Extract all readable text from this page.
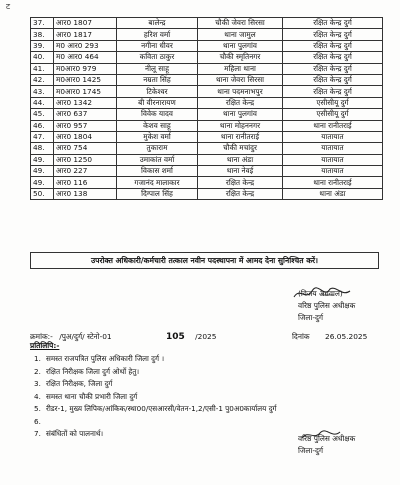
ट
37.	आर0 1807	बालेन्द्र	चौकी जेवरा सिरसा	रक्षित केन्द्र दुर्ग
38.	आर0 1817	हरिश वर्मा	थाना जामुल	रक्षित केन्द्र दुर्ग
39.	म0 आर0 293	नगीना धीवर	थाना पुलगांव	रक्षित केन्द्र दुर्ग
40.	म0 आर0 464	कविता ठाकुर	चौकी स्मृतिनगर	रक्षित केन्द्र दुर्ग
41.	म0आर0 979	नीलू साहू	महिला थाना	रक्षित केन्द्र दुर्ग
42.	म0आर0 1425	नम्रता सिंह	थाना जेवरा सिरसा	रक्षित केन्द्र दुर्ग
43.	म0आर0 1745	टिकेश्वर	थाना पदमनाभपुर	रक्षित केन्द्र दुर्ग
44.	आर0 1342	बी वीरनारायण	रक्षित केन्द्र	एसीसीयू दुर्ग
45.	आर0 637	विवेक यादव	थाना पुलगांव	एसीसीयू दुर्ग
46.	आर0 957	केशव साहू	थाना मोहननगर	थाना रानीतराई
47.	आर0 1804	मुकेश वर्मा	थाना रानीतराई	यातायात
48.	आर0 754	तुकाराम	चौकी मचांदुर	यातायात
49.	आर0 1250	उमाकांत वर्मा	थाना अंडा	यातायात
49.	आर0 227	विकास शर्मा	थाना नेवई	यातायात
49.	आर0 116	गजानंद मालाकार	रक्षित केन्द्र	थाना रानीतराई
50.	आर0 138	दिग्पाल सिंह	रक्षित केन्द्र	थाना अंडा
उपरोक्त अधिकारी/कर्मचारी तत्काल नवीन पदस्थापना में आमद देना सुनिश्चित करें।
(विजय अग्रवाल)
वरिष्ठ पुलिस अधीक्षक
जिला-दुर्ग
क्रमांक:- /पुअ/दुर्ग/ स्टेनो-01	105 /2025	दिनांक 26.05.2025
प्रतिलिपि:-
1. समस्त राजपत्रित पुलिस अधिकारी जिला दुर्ग ।
2. रक्षित निरीक्षक जिला दुर्ग ओर्थो हेतु।
3. रक्षित निरीक्षक, जिला दुर्ग
4. समस्त थाना चौकी प्रभारी जिला दुर्ग
5. रीडर-1, मुख्य लिपिक/आंकिक/स्था00/एसआरसी/वेतन-1,2/एसी-1 पु0अ0कार्यालय दुर्ग
6.
7. संबंधितों को पालनार्थ।
वरिष्ठ पुलिस अधीक्षक
जिला-दुर्ग
